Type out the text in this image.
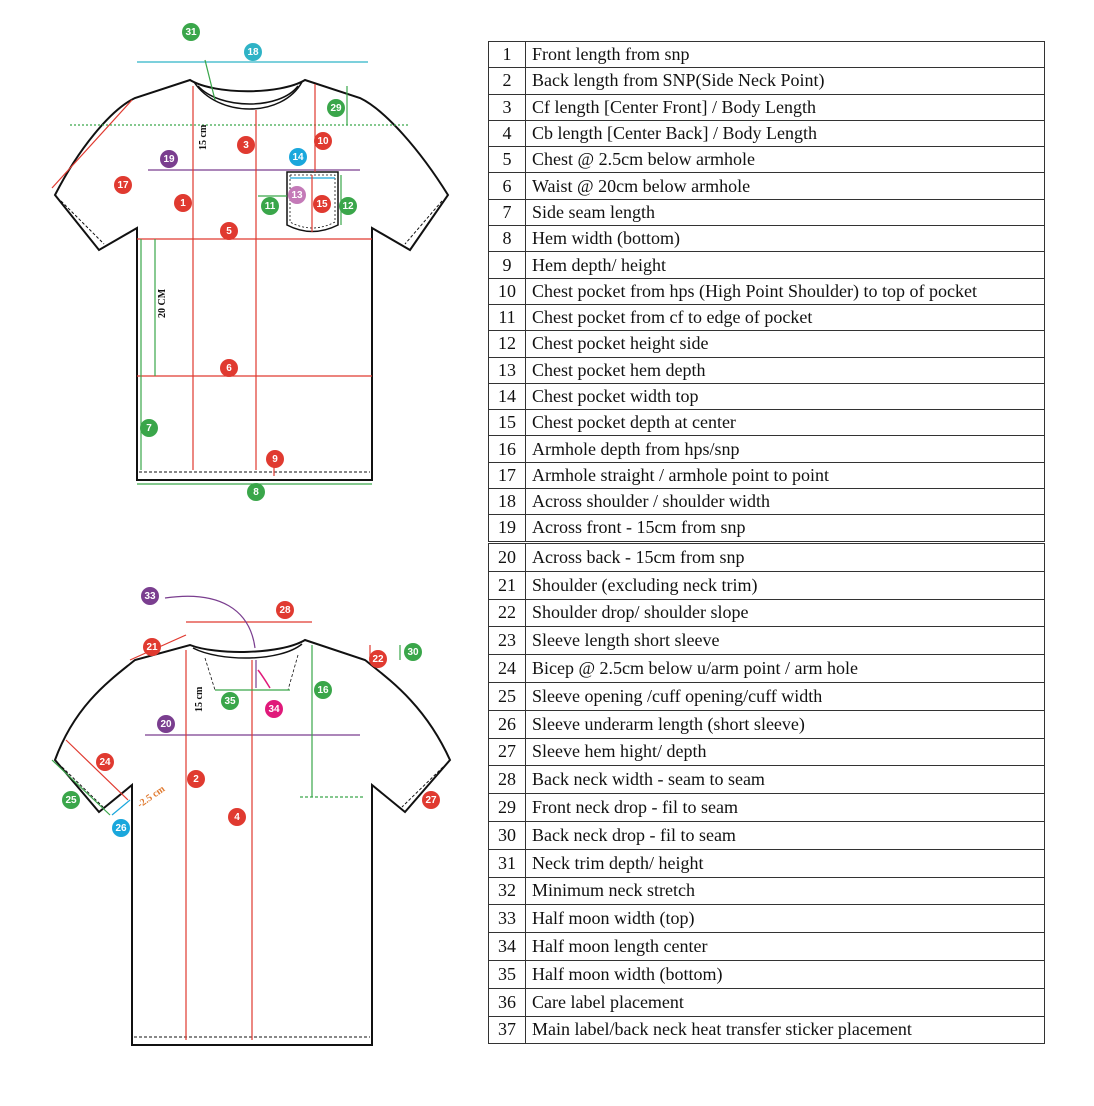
15 cm
20 CM
15 cm
-2.5 cm
1
2
3
4
5
6
7
8
9
10
11	12
13
14
15
16
17
18
19
20
21
22
24
25
26
27
28
29
30
31
33
34
35
1	Front length from snp
2	Back length from SNP(Side Neck Point)
3	Cf length [Center Front] / Body Length
4	Cb length [Center Back] / Body Length
5	Chest @ 2.5cm below armhole
6	Waist @ 20cm below armhole
7	Side seam length
8	Hem width (bottom)
9	Hem depth/ height
10	Chest pocket from hps (High Point Shoulder) to top of pocket
11	Chest pocket from cf to edge of pocket
12	Chest pocket height side
13	Chest pocket hem depth
14	Chest pocket width top
15	Chest pocket depth at center
16	Armhole depth from hps/snp
17	Armhole straight / armhole point to point
18	Across shoulder / shoulder width
19	Across front - 15cm from snp
20	Across back - 15cm from snp
21	Shoulder (excluding neck trim)
22	Shoulder drop/ shoulder slope
23	Sleeve length short sleeve
24	Bicep @ 2.5cm below u/arm point / arm hole
25	Sleeve opening /cuff opening/cuff width
26	Sleeve underarm length (short sleeve)
27	Sleeve hem hight/ depth
28	Back neck width - seam to seam
29	Front neck drop - fil to seam
30	Back neck drop - fil to seam
31	Neck trim depth/ height
32	Minimum neck stretch
33	Half moon width (top)
34	Half moon length center
35	Half moon width (bottom)
36	Care label placement
37	Main label/back neck heat transfer sticker placement
